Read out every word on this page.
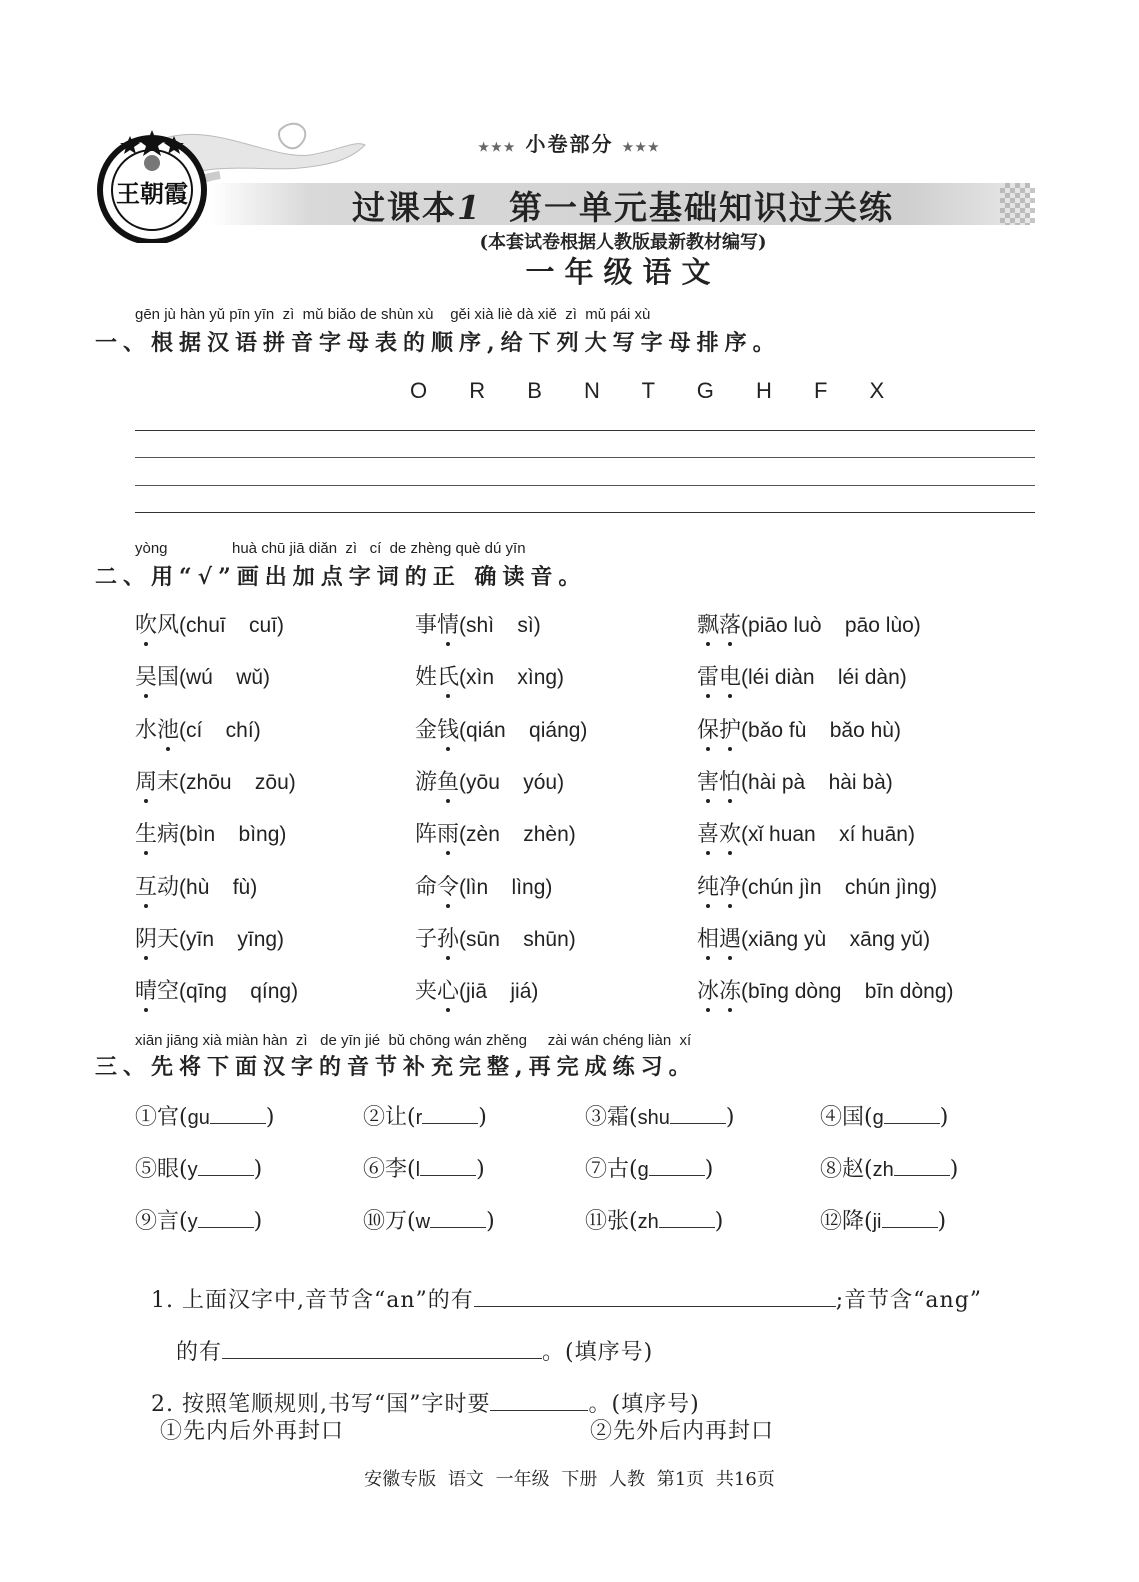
王朝霞
★★★ 小卷部分 ★★★
过课本1 第一单元基础知识过关练
(本套试卷根据人教版最新教材编写)
一年级语文
gēn jù hàn yǔ pīn yīn  zì  mǔ biǎo de shùn xù    gěi xià liè dà xiě  zì  mǔ pái xù
一、根据汉语拼音字母表的顺序,给下列大写字母排序。
O R B N T G H F X
yòng	huà chū jiā diǎn  zì   cí  de zhèng què dú yīn
二、用“√”画出加点字词的正 确读音。
吹风(chuī    cuī)	事情(shì    sì)	飘落(piāo luò    pāo lùo)
吴国(wú    wǔ)	姓氏(xìn    xìng)	雷电(léi diàn    léi dàn)
水池(cí    chí)	金钱(qián    qiáng)	保护(bǎo fù    bǎo hù)
周末(zhōu    zōu)	游鱼(yōu    yóu)	害怕(hài pà    hài bà)
生病(bìn    bìng)	阵雨(zèn    zhèn)	喜欢(xǐ huan    xí huān)
互动(hù    fù)	命令(lìn    lìng)	纯净(chún jìn    chún jìng)
阴天(yīn    yīng)	子孙(sūn    shūn)	相遇(xiāng yù    xāng yǔ)
晴空(qīng    qíng)	夹心(jiā    jiá)	冰冻(bīng dòng    bīn dòng)
xiān jiāng xià miàn hàn  zì   de yīn jié  bǔ chōng wán zhěng     zài wán chéng liàn  xí
三、先将下面汉字的音节补充完整,再完成练习。
①官(gu	)	②让(r	)	③霜(shu	)	④国(g	)
⑤眼(y	)	⑥李(l	)	⑦古(g	)	⑧赵(zh	)
⑨言(y	)	⑩万(w	)	⑪张(zh	)	⑫降(ji	)

1. 上面汉字中,音节含“an”的有	;音节含“ang”

的有	。(填序号)

2. 按照笔顺规则,书写“国”字时要	。(填序号)

①先内后外再封口	②先外后内再封口
安徽专版 语文 一年级 下册 人教 第1页 共16页
